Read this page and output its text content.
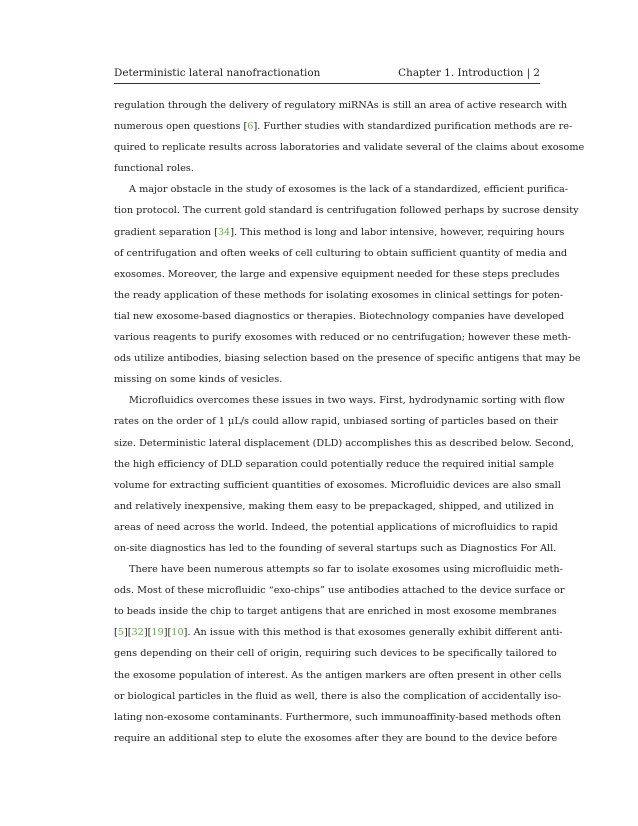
Deterministic lateral nanofractionation	Chapter 1. Introduction | 2
regulation through the delivery of regulatory miRNAs is still an area of active research with
numerous open questions [6]. Further studies with standardized purification methods are re-
quired to replicate results across laboratories and validate several of the claims about exosome
functional roles.
A major obstacle in the study of exosomes is the lack of a standardized, efficient purifica-
tion protocol. The current gold standard is centrifugation followed perhaps by sucrose density
gradient separation [34]. This method is long and labor intensive, however, requiring hours
of centrifugation and often weeks of cell culturing to obtain sufficient quantity of media and
exosomes. Moreover, the large and expensive equipment needed for these steps precludes
the ready application of these methods for isolating exosomes in clinical settings for poten-
tial new exosome-based diagnostics or therapies. Biotechnology companies have developed
various reagents to purify exosomes with reduced or no centrifugation; however these meth-
ods utilize antibodies, biasing selection based on the presence of specific antigens that may be
missing on some kinds of vesicles.
Microfluidics overcomes these issues in two ways. First, hydrodynamic sorting with flow
rates on the order of 1 μL/s could allow rapid, unbiased sorting of particles based on their
size. Deterministic lateral displacement (DLD) accomplishes this as described below. Second,
the high efficiency of DLD separation could potentially reduce the required initial sample
volume for extracting sufficient quantities of exosomes. Microfluidic devices are also small
and relatively inexpensive, making them easy to be prepackaged, shipped, and utilized in
areas of need across the world. Indeed, the potential applications of microfluidics to rapid
on-site diagnostics has led to the founding of several startups such as Diagnostics For All.
There have been numerous attempts so far to isolate exosomes using microfluidic meth-
ods. Most of these microfluidic “exo-chips” use antibodies attached to the device surface or
to beads inside the chip to target antigens that are enriched in most exosome membranes
[5][32][19][10]. An issue with this method is that exosomes generally exhibit different anti-
gens depending on their cell of origin, requiring such devices to be specifically tailored to
the exosome population of interest. As the antigen markers are often present in other cells
or biological particles in the fluid as well, there is also the complication of accidentally iso-
lating non-exosome contaminants. Furthermore, such immunoaffinity-based methods often
require an additional step to elute the exosomes after they are bound to the device before
